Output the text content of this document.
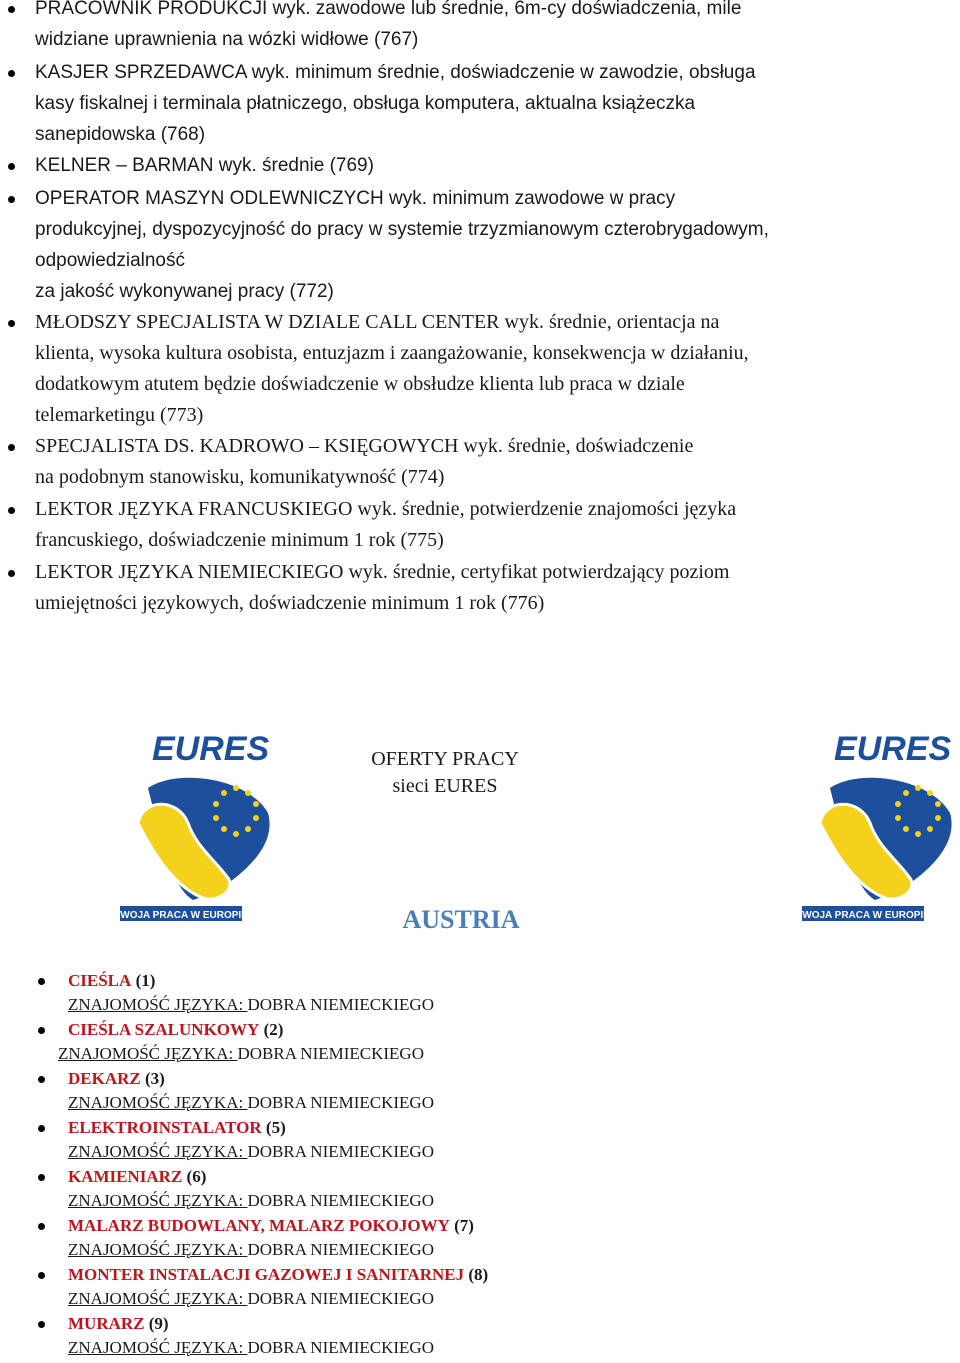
PRACOWNIK PRODUKCJI wyk. zawodowe lub średnie, 6m-cy doświadczenia, mile
widziane uprawnienia na wózki widłowe (767)
KASJER SPRZEDAWCA wyk. minimum średnie, doświadczenie w zawodzie, obsługa
kasy fiskalnej i terminala płatniczego, obsługa komputera, aktualna książeczka
sanepidowska (768)
KELNER – BARMAN wyk. średnie (769)
OPERATOR MASZYN ODLEWNICZYCH wyk. minimum zawodowe w pracy
produkcyjnej, dyspozycyjność do pracy w systemie trzyzmianowym czterobrygadowym,
odpowiedzialność
za jakość wykonywanej pracy (772)
MŁODSZY SPECJALISTA W DZIALE CALL CENTER wyk. średnie, orientacja na
klienta, wysoka kultura osobista, entuzjazm i zaangażowanie, konsekwencja w działaniu,
dodatkowym atutem będzie doświadczenie w obsłudze klienta lub praca w dziale
telemarketingu (773)
SPECJALISTA DS. KADROWO – KSIĘGOWYCH wyk. średnie, doświadczenie
na podobnym stanowisku, komunikatywność (774)
LEKTOR JĘZYKA FRANCUSKIEGO wyk. średnie, potwierdzenie znajomości języka
francuskiego, doświadczenie minimum 1 rok (775)
LEKTOR JĘZYKA NIEMIECKIEGO wyk. średnie, certyfikat potwierdzający poziom
umiejętności językowych, doświadczenie minimum 1 rok (776)
EURES
TWOJA PRACA W EUROPIE
OFERTY PRACY
sieci EURES
EURES
TWOJA PRACA W EUROPIE
AUSTRIA
CIEŚLA (1)
ZNAJOMOŚĆ JĘZYKA: DOBRA NIEMIECKIEGO
CIEŚLA SZALUNKOWY (2)
ZNAJOMOŚĆ JĘZYKA: DOBRA NIEMIECKIEGO
DEKARZ (3)
ZNAJOMOŚĆ JĘZYKA: DOBRA NIEMIECKIEGO
ELEKTROINSTALATOR (5)
ZNAJOMOŚĆ JĘZYKA: DOBRA NIEMIECKIEGO
KAMIENIARZ (6)
ZNAJOMOŚĆ JĘZYKA: DOBRA NIEMIECKIEGO
MALARZ BUDOWLANY, MALARZ POKOJOWY (7)
ZNAJOMOŚĆ JĘZYKA: DOBRA NIEMIECKIEGO
MONTER INSTALACJI GAZOWEJ I SANITARNEJ (8)
ZNAJOMOŚĆ JĘZYKA: DOBRA NIEMIECKIEGO
MURARZ (9)
ZNAJOMOŚĆ JĘZYKA: DOBRA NIEMIECKIEGO
